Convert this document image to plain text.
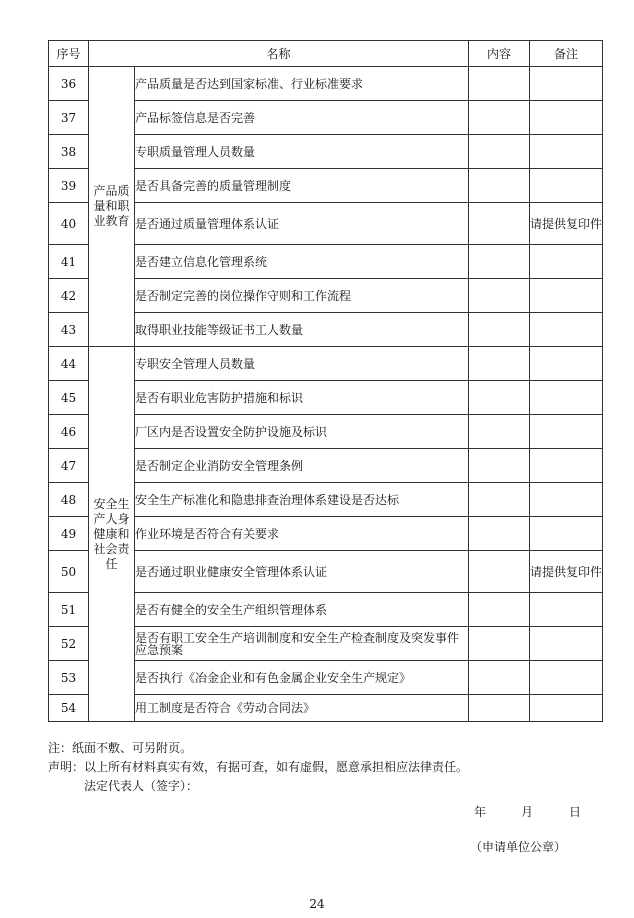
序号	名称		内容	备注
36	产品质量和职业教育	产品质量是否达到国家标准、行业标准要求		
37		产品标签信息是否完善		
38		专职质量管理人员数量		
39		是否具备完善的质量管理制度		
40		是否通过质量管理体系认证		请提供复印件
41		是否建立信息化管理系统		
42		是否制定完善的岗位操作守则和工作流程		
43		取得职业技能等级证书工人数量		
44	安全生产人身健康和社会责任	专职安全管理人员数量		
45		是否有职业危害防护措施和标识		
46		厂区内是否设置安全防护设施及标识		
47		是否制定企业消防安全管理条例		
48		安全生产标准化和隐患排查治理体系建设是否达标		
49		作业环境是否符合有关要求		
50		是否通过职业健康安全管理体系认证		请提供复印件
51		是否有健全的安全生产组织管理体系		
52		是否有职工安全生产培训制度和安全生产检查制度及突发事件应急预案		
53		是否执行《冶金企业和有色金属企业安全生产规定》		
54		用工制度是否符合《劳动合同法》		
注：纸面不敷、可另附页。
声明：以上所有材料真实有效，有据可查，如有虚假，愿意承担相应法律责任。
法定代表人（签字）：
年	月	日
（申请单位公章）
24
